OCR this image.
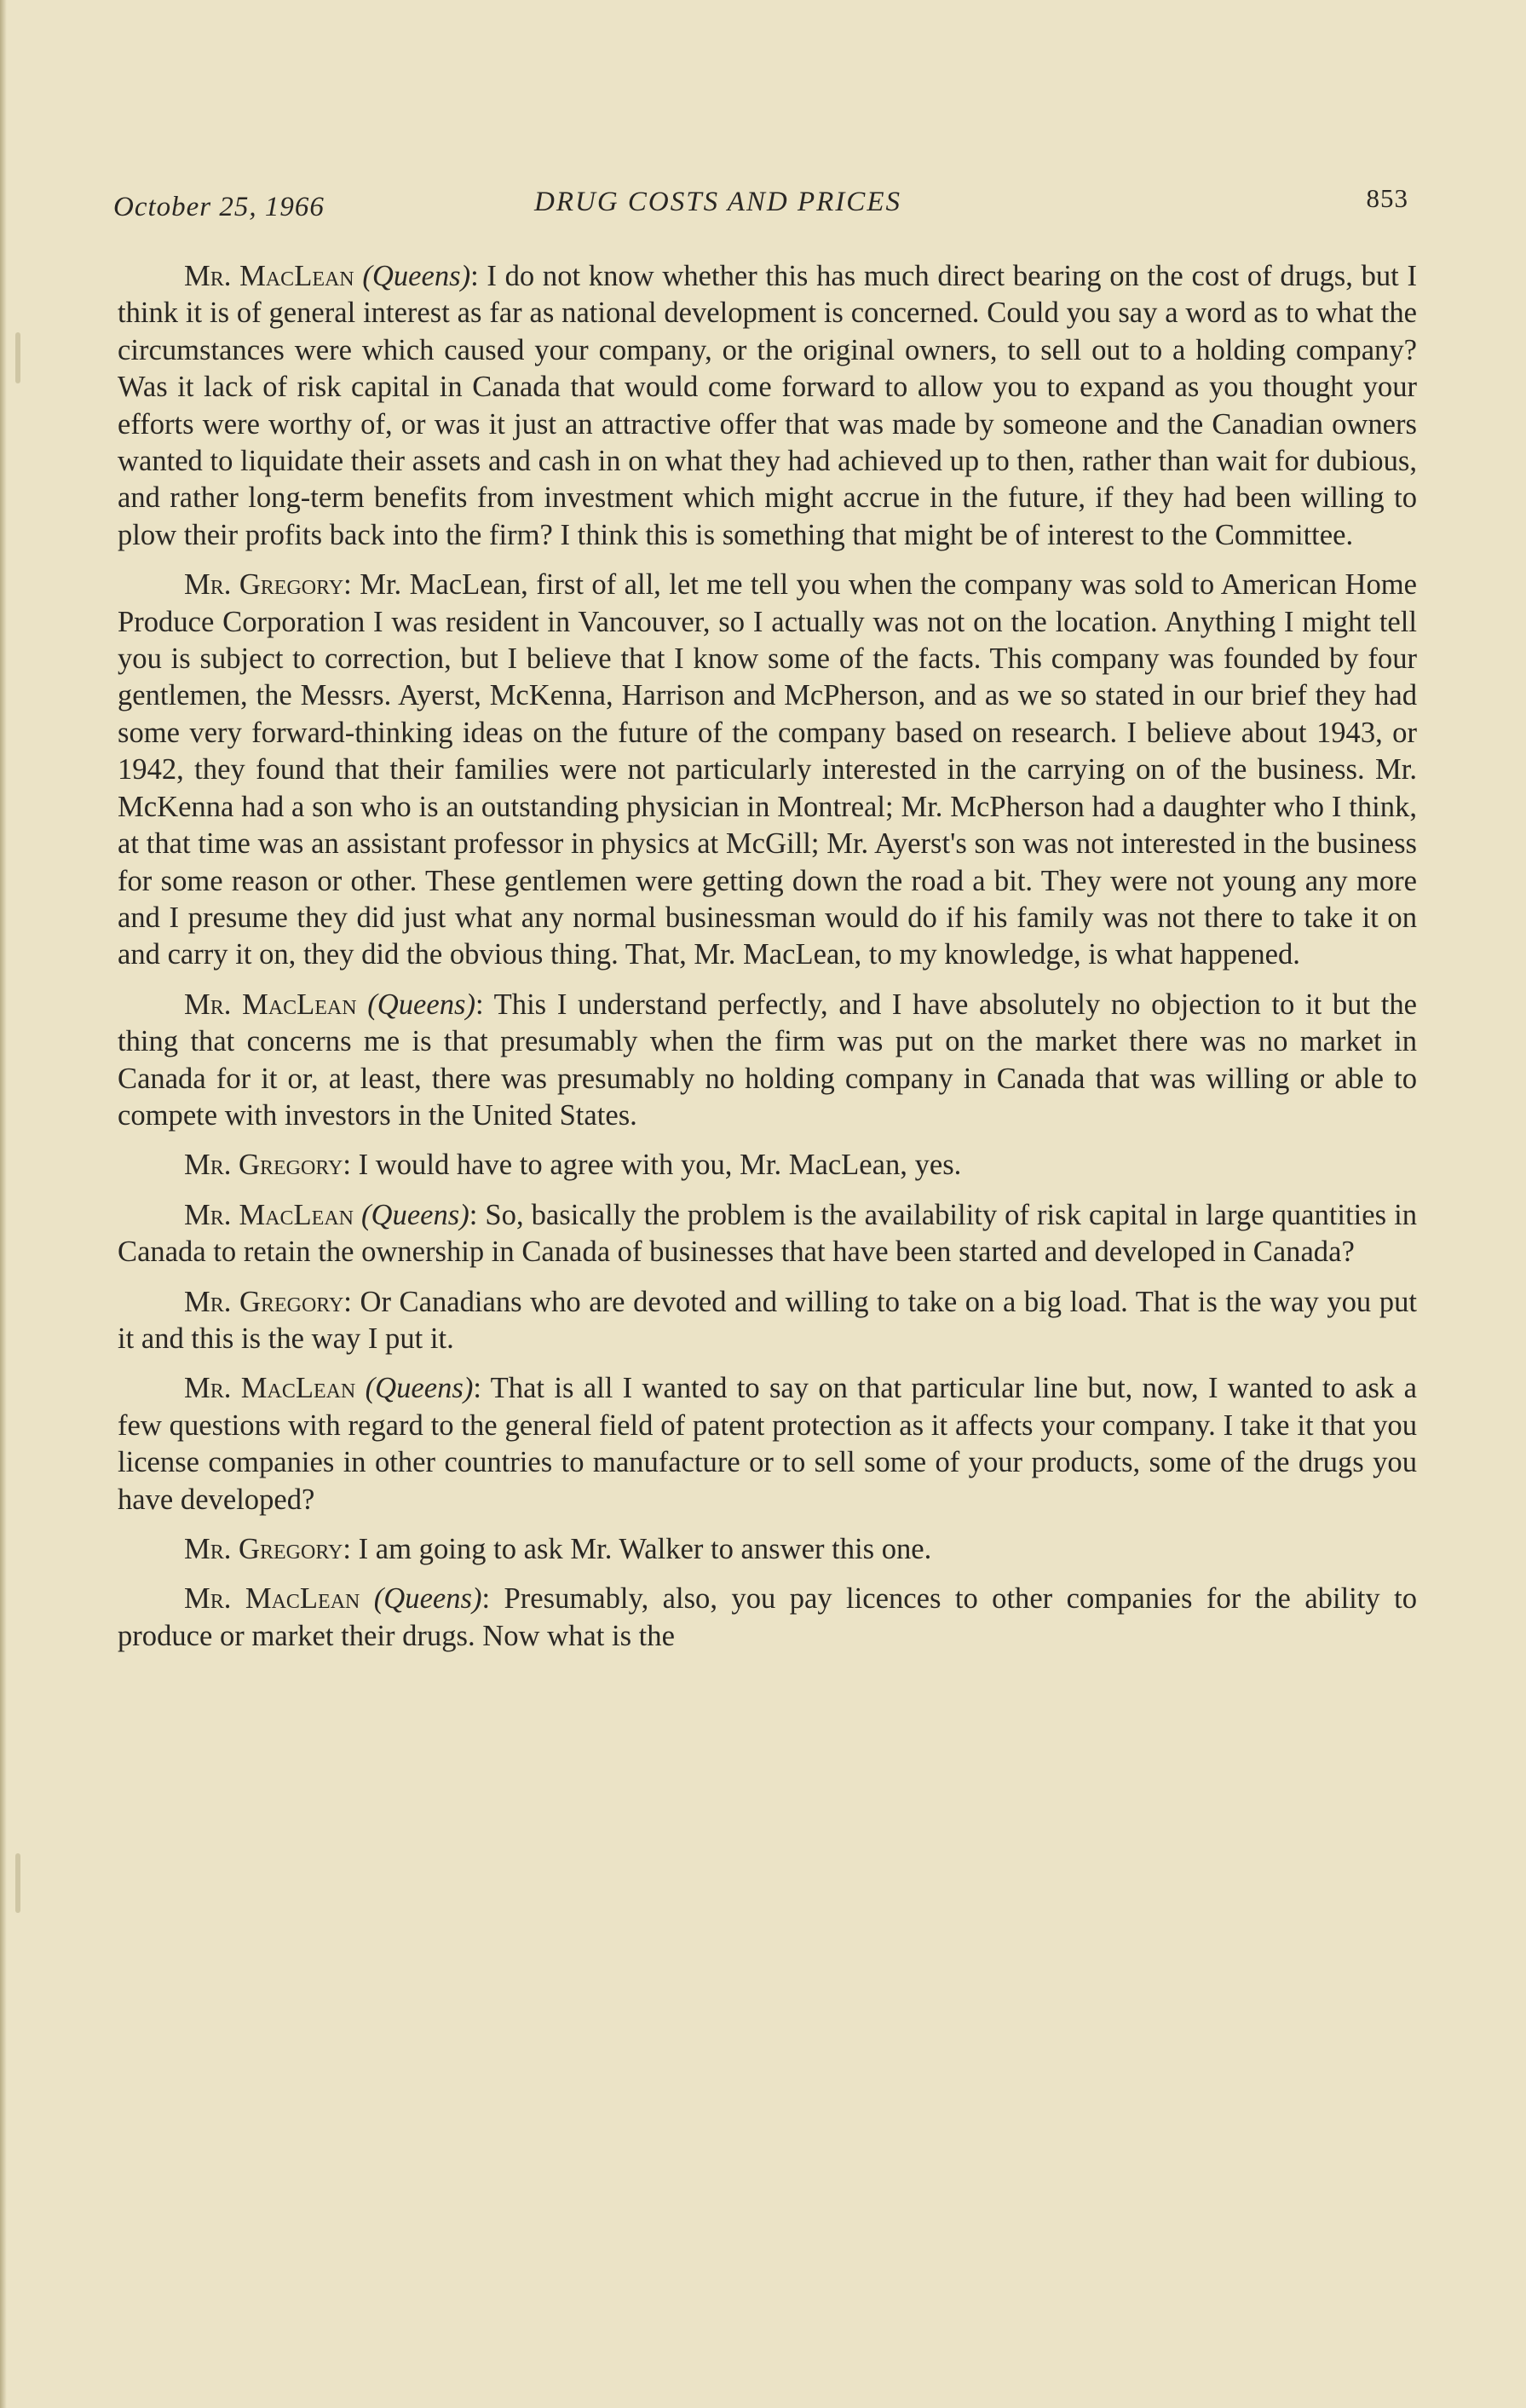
October 25, 1966	DRUG COSTS AND PRICES	853

Mr. MacLean (Queens): I do not know whether this has much direct bearing on the cost of drugs, but I think it is of general interest as far as national development is concerned. Could you say a word as to what the circumstances were which caused your company, or the original owners, to sell out to a holding company? Was it lack of risk capital in Canada that would come forward to allow you to expand as you thought your efforts were worthy of, or was it just an attractive offer that was made by someone and the Canadian owners wanted to liquidate their assets and cash in on what they had achieved up to then, rather than wait for dubious, and rather long-term benefits from investment which might accrue in the future, if they had been willing to plow their profits back into the firm? I think this is something that might be of interest to the Committee.

Mr. Gregory: Mr. MacLean, first of all, let me tell you when the company was sold to American Home Produce Corporation I was resident in Vancouver, so I actually was not on the location. Anything I might tell you is subject to correction, but I believe that I know some of the facts. This company was founded by four gentlemen, the Messrs. Ayerst, McKenna, Harrison and McPherson, and as we so stated in our brief they had some very forward-thinking ideas on the future of the company based on research. I believe about 1943, or 1942, they found that their families were not particularly interested in the carrying on of the business. Mr. McKenna had a son who is an outstanding physician in Montreal; Mr. McPherson had a daughter who I think, at that time was an assistant professor in physics at McGill; Mr. Ayerst's son was not interested in the business for some reason or other. These gentlemen were getting down the road a bit. They were not young any more and I presume they did just what any normal businessman would do if his family was not there to take it on and carry it on, they did the obvious thing. That, Mr. MacLean, to my knowledge, is what happened.

Mr. MacLean (Queens): This I understand perfectly, and I have absolutely no objection to it but the thing that concerns me is that presumably when the firm was put on the market there was no market in Canada for it or, at least, there was presumably no holding company in Canada that was willing or able to compete with investors in the United States.

Mr. Gregory: I would have to agree with you, Mr. MacLean, yes.

Mr. MacLean (Queens): So, basically the problem is the availability of risk capital in large quantities in Canada to retain the ownership in Canada of businesses that have been started and developed in Canada?

Mr. Gregory: Or Canadians who are devoted and willing to take on a big load. That is the way you put it and this is the way I put it.

Mr. MacLean (Queens): That is all I wanted to say on that particular line but, now, I wanted to ask a few questions with regard to the general field of patent protection as it affects your company. I take it that you license companies in other countries to manufacture or to sell some of your products, some of the drugs you have developed?

Mr. Gregory: I am going to ask Mr. Walker to answer this one.

Mr. MacLean (Queens): Presumably, also, you pay licences to other companies for the ability to produce or market their drugs. Now what is the
